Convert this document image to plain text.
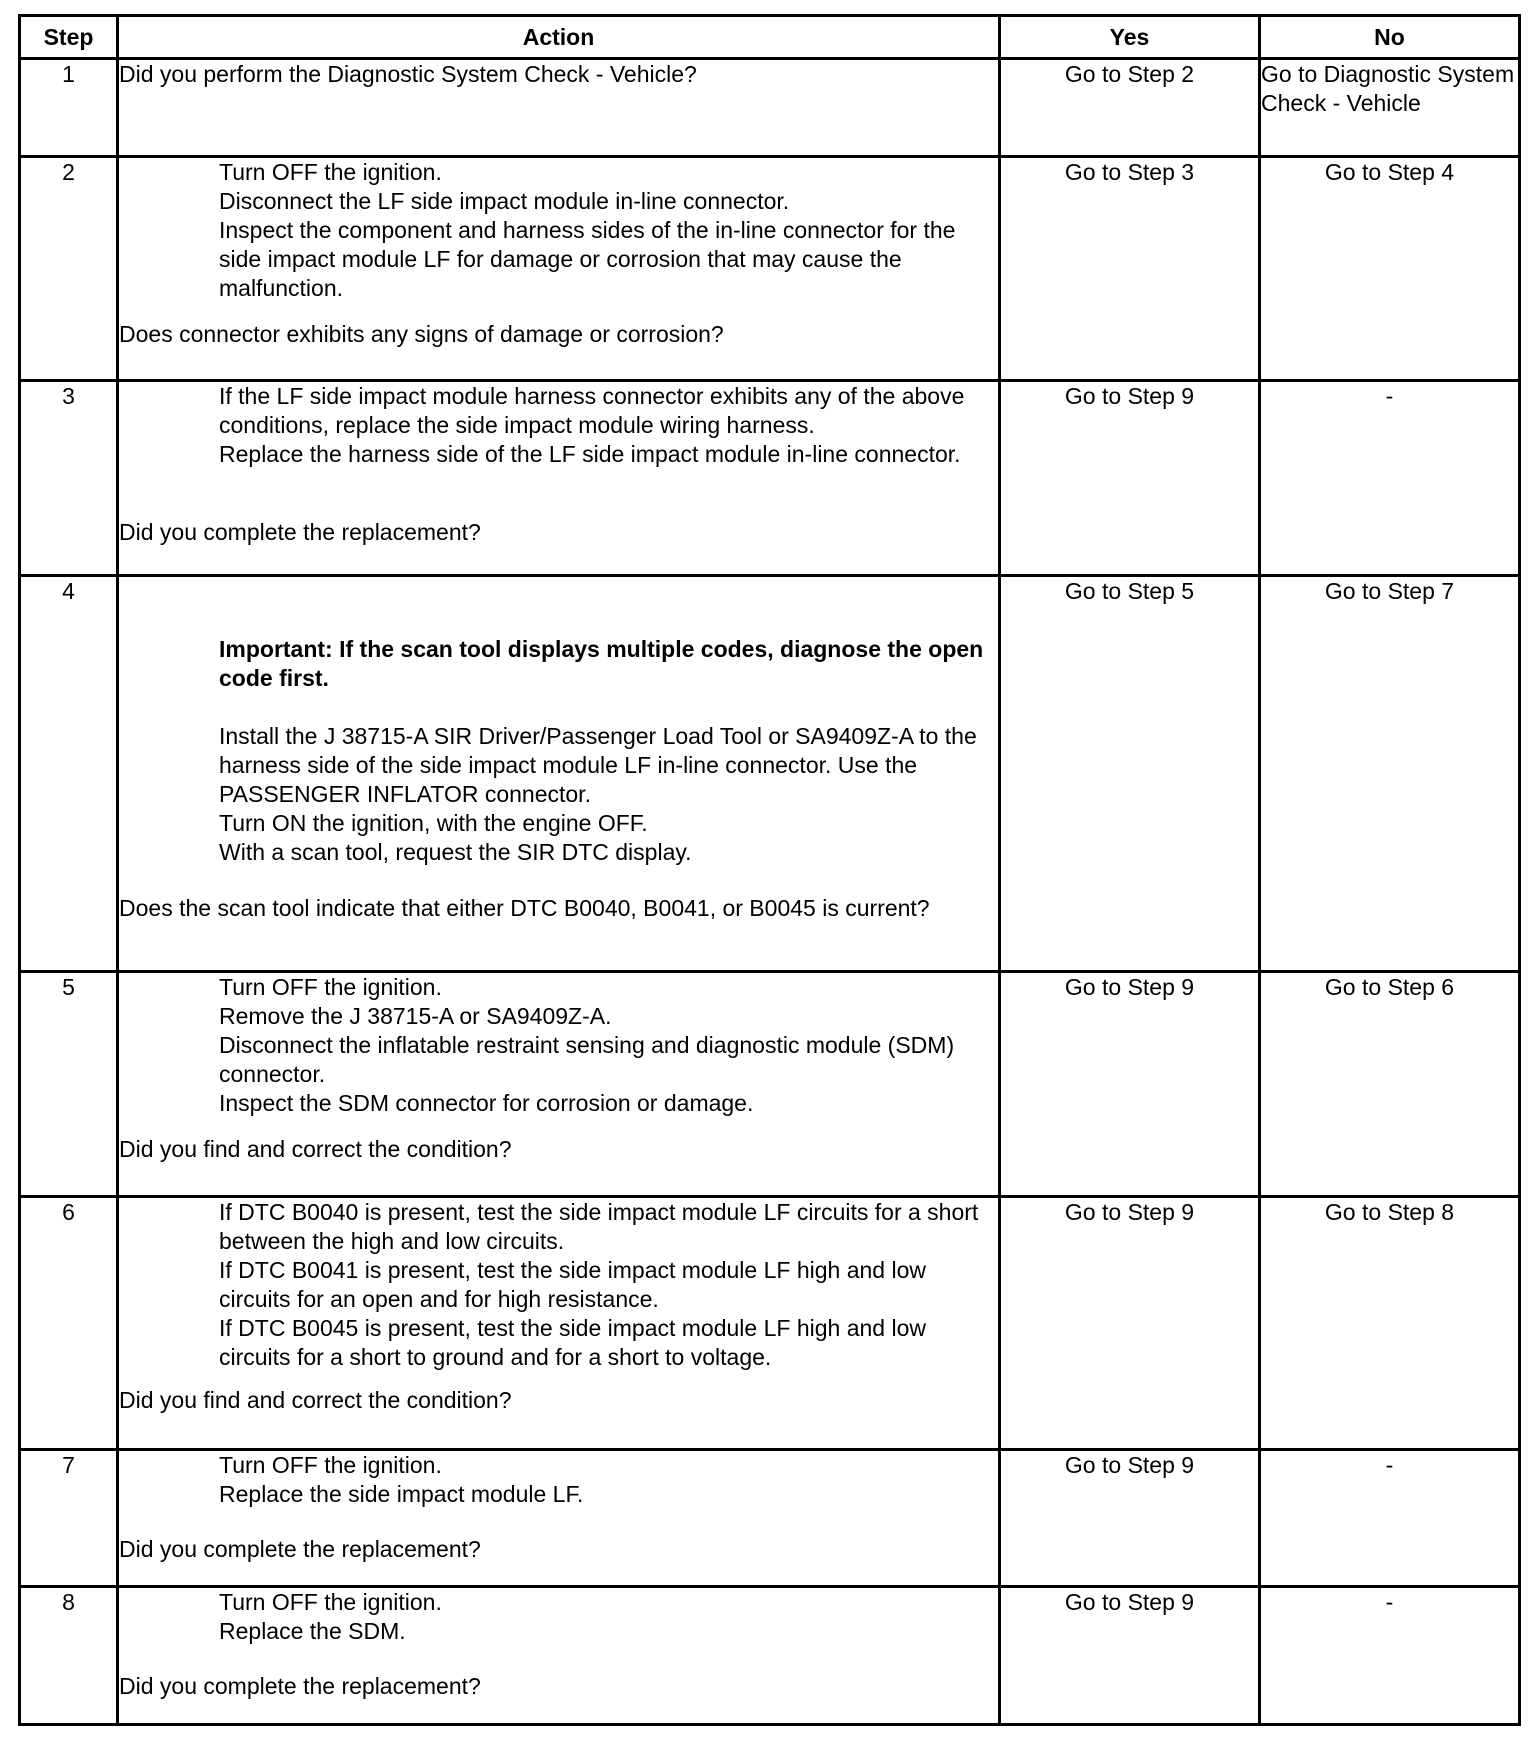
Step	Action	Yes	No
1	Did you perform the Diagnostic System Check - Vehicle?	Go to Step 2	Go to Diagnostic System Check - Vehicle
2	Turn OFF the ignition.

Disconnect the LF side impact module in-line connector.

Inspect the component and harness sides of the in-line connector for the side impact module LF for damage or corrosion that may cause the malfunction.

Does connector exhibits any signs of damage or corrosion?	Go to Step 3	Go to Step 4
3	If the LF side impact module harness connector exhibits any of the above conditions, replace the side impact module wiring harness.

Replace the harness side of the LF side impact module in-line connector.

Did you complete the replacement?	Go to Step 9	-
4	Important: If the scan tool displays multiple codes, diagnose the open code first.

Install the J 38715-A SIR Driver/Passenger Load Tool or SA9409Z-A to the harness side of the side impact module LF in-line connector. Use the PASSENGER INFLATOR connector.

Turn ON the ignition, with the engine OFF.

With a scan tool, request the SIR DTC display.

Does the scan tool indicate that either DTC B0040, B0041, or B0045 is current?	Go to Step 5	Go to Step 7
5	Turn OFF the ignition.

Remove the J 38715-A or SA9409Z-A.

Disconnect the inflatable restraint sensing and diagnostic module (SDM) connector.

Inspect the SDM connector for corrosion or damage.

Did you find and correct the condition?	Go to Step 9	Go to Step 6
6	If DTC B0040 is present, test the side impact module LF circuits for a short between the high and low circuits.

If DTC B0041 is present, test the side impact module LF high and low circuits for an open and for high resistance.

If DTC B0045 is present, test the side impact module LF high and low circuits for a short to ground and for a short to voltage.

Did you find and correct the condition?	Go to Step 9	Go to Step 8
7	Turn OFF the ignition.

Replace the side impact module LF.

Did you complete the replacement?	Go to Step 9	-
8	Turn OFF the ignition.

Replace the SDM.

Did you complete the replacement?	Go to Step 9	-
